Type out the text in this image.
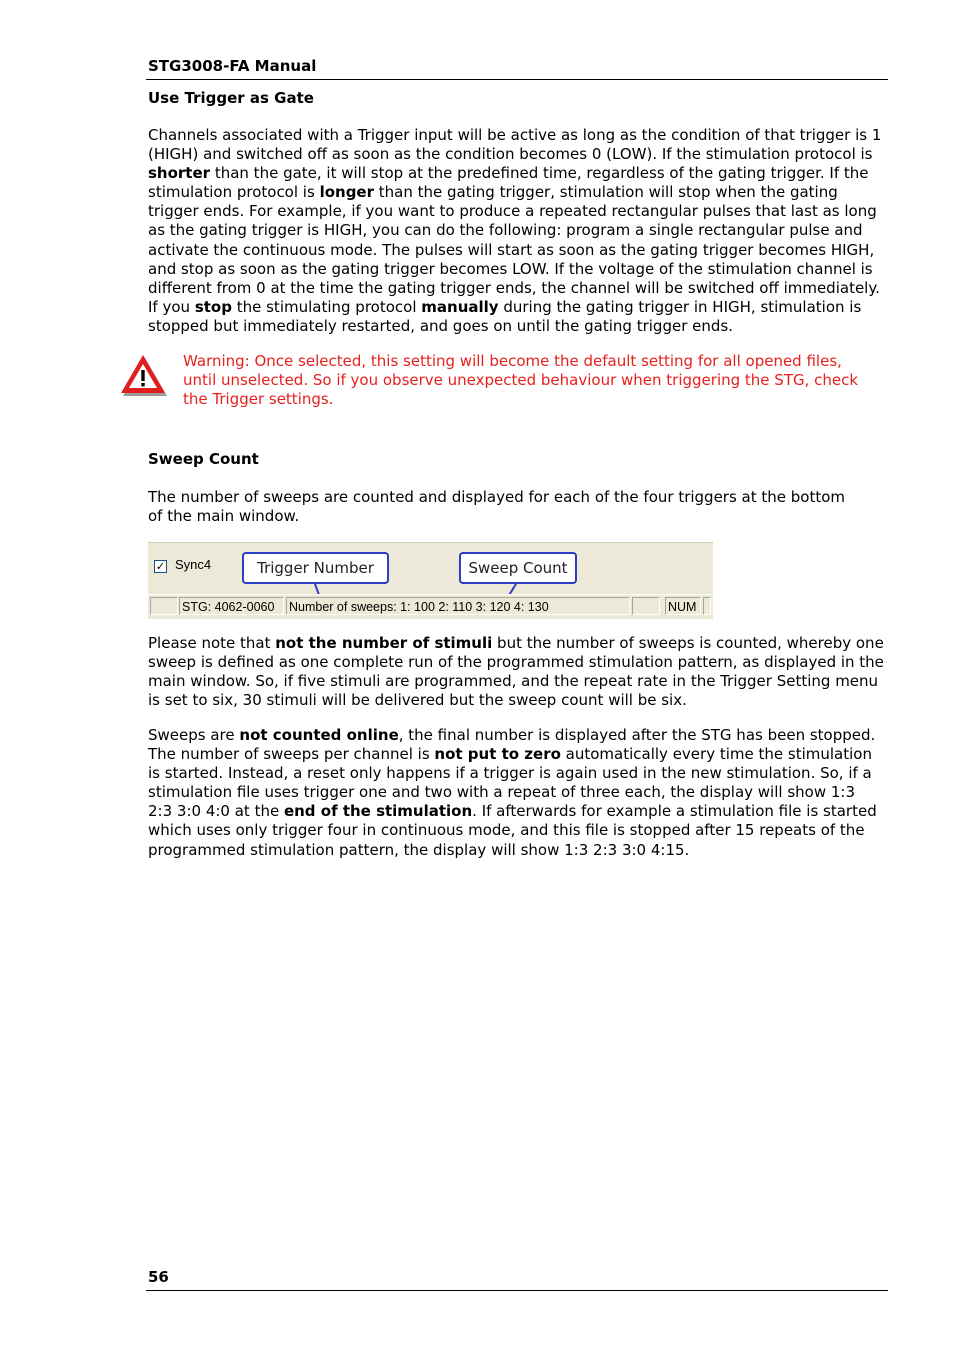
STG3008-FA Manual
Use Trigger as Gate
Channels associated with a Trigger input will be active as long as the condition of that trigger is 1 (HIGH) and switched off as soon as the condition becomes 0 (LOW). If the stimulation protocol is shorter than the gate, it will stop at the predefined time, regardless of the gating trigger. If the stimulation protocol is longer than the gating trigger, stimulation will stop when the gating trigger ends. For example, if you want to produce a repeated rectangular pulses that last as long as the gating trigger is HIGH, you can do the following: program a single rectangular pulse and activate the continuous mode. The pulses will start as soon as the gating trigger becomes HIGH, and stop as soon as the gating trigger becomes LOW. If the voltage of the stimulation channel is different from 0 at the time the gating trigger ends, the channel will be switched off immediately. If you stop the stimulating protocol manually during the gating trigger in HIGH, stimulation is stopped but immediately restarted, and goes on until the gating trigger ends.
Warning: Once selected, this setting will become the default setting for all opened files, until unselected. So if you observe unexpected behaviour when triggering the STG, check the Trigger settings.
Sweep Count
The number of sweeps are counted and displayed for each of the four triggers at the bottom of the main window.
✓ Sync4	Trigger Number	Sweep Count
STG: 4062-0060	Number of sweeps: 1: 100 2: 110 3: 120 4: 130	NUM
Please note that not the number of stimuli but the number of sweeps is counted, whereby one sweep is defined as one complete run of the programmed stimulation pattern, as displayed in the main window. So, if five stimuli are programmed, and the repeat rate in the Trigger Setting menu is set to six, 30 stimuli will be delivered but the sweep count will be six.
Sweeps are not counted online, the final number is displayed after the STG has been stopped. The number of sweeps per channel is not put to zero automatically every time the stimulation is started. Instead, a reset only happens if a trigger is again used in the new stimulation. So, if a stimulation file uses trigger one and two with a repeat of three each, the display will show 1:3 2:3 3:0 4:0 at the end of the stimulation. If afterwards for example a stimulation file is started which uses only trigger four in continuous mode, and this file is stopped after 15 repeats of the programmed stimulation pattern, the display will show 1:3 2:3 3:0 4:15.
56
